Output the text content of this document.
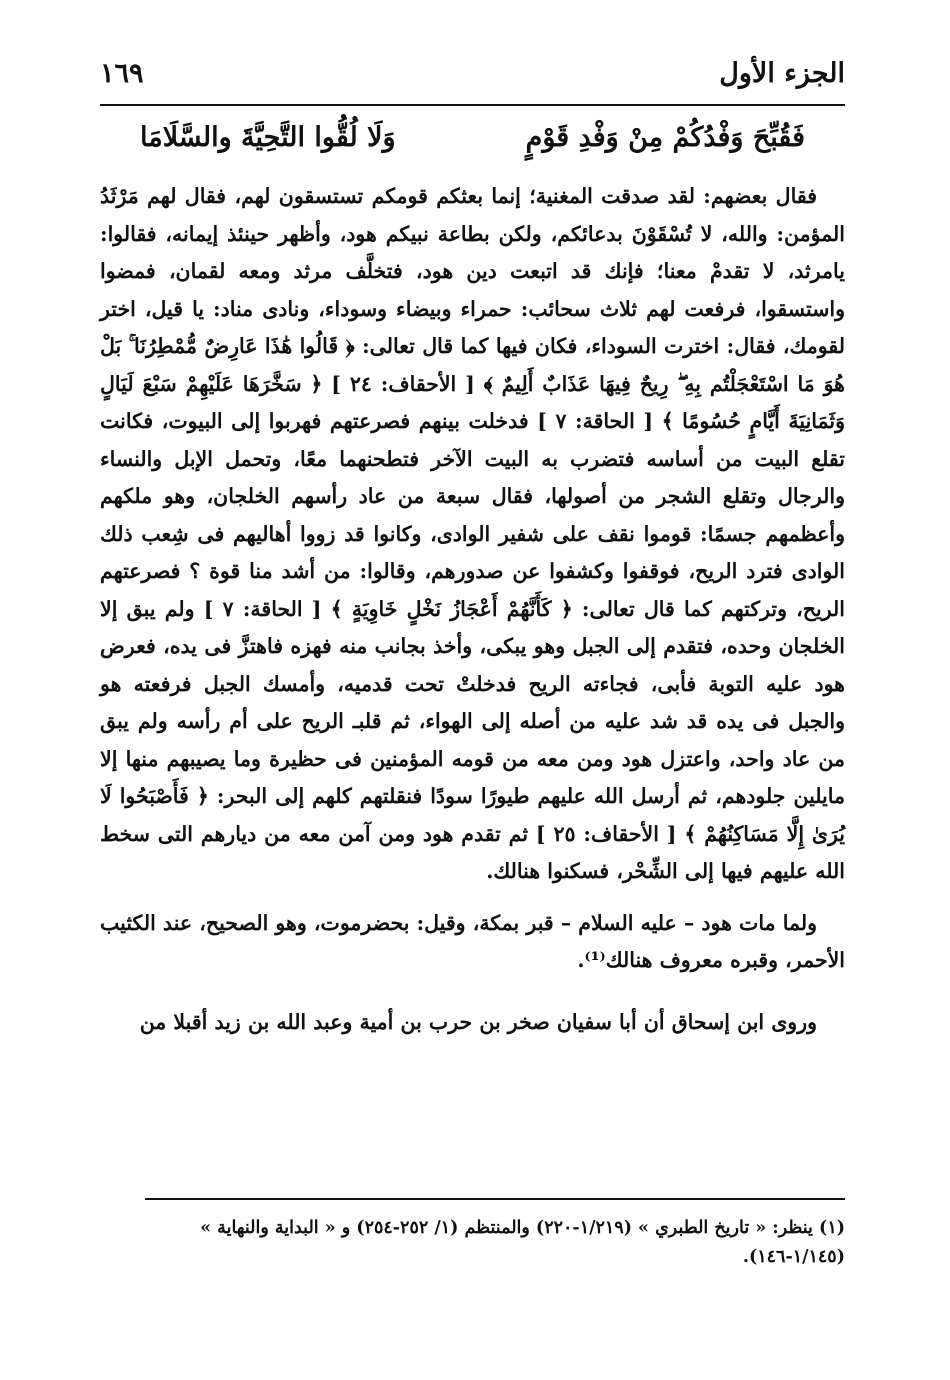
الجزء الأول
١٦٩
فَقُبِّحَ وَفْدُكُمْ مِنْ وَفْدِ قَوْمٍ
وَلَا لُقُّوا التَّحِيَّةَ والسَّلَامَا

فقال بعضهم: لقد صدقت المغنية؛ إنما بعثكم قومكم تستسقون لهم، فقال لهم مَرْثَدُ المؤمن: والله، لا تُسْقَوْنَ بدعائكم، ولكن بطاعة نبيكم هود، وأظهر حينئذ إيمانه، فقالوا: يامرثد، لا تقدمْ معنا؛ فإنك قد اتبعت دين هود، فتخلَّف مرثد ومعه لقمان، فمضوا واستسقوا، فرفعت لهم ثلاث سحائب: حمراء وبيضاء وسوداء، ونادى مناد: يا قيل، اختر لقومك، فقال: اخترت السوداء، فكان فيها كما قال تعالى: ﴿ قَالُوا هَٰذَا عَارِضٌ مُّمْطِرُنَا ۚ بَلْ هُوَ مَا اسْتَعْجَلْتُم بِهِ ۖ رِيحٌ فِيهَا عَذَابٌ أَلِيمٌ ﴾ [ الأحقاف: ٢٤ ] ﴿ سَخَّرَهَا عَلَيْهِمْ سَبْعَ لَيَالٍ وَثَمَانِيَةَ أَيَّامٍ حُسُومًا ﴾ [ الحاقة: ٧ ] فدخلت بينهم فصرعتهم فهربوا إلى البيوت، فكانت تقلع البيت من أساسه فتضرب به البيت الآخر فتطحنهما معًا، وتحمل الإبل والنساء والرجال وتقلع الشجر من أصولها، فقال سبعة من عاد رأسهم الخلجان، وهو ملكهم وأعظمهم جسمًا: قوموا نقف على شفير الوادى، وكانوا قد زووا أهاليهم فى شِعب ذلك الوادى فترد الريح، فوقفوا وكشفوا عن صدورهم، وقالوا: من أشد منا قوة ؟ فصرعتهم الريح، وتركتهم كما قال تعالى: ﴿ كَأَنَّهُمْ أَعْجَازُ نَخْلٍ خَاوِيَةٍ ﴾ [ الحاقة: ٧ ] ولم يبق إلا الخلجان وحده، فتقدم إلى الجبل وهو يبكى، وأخذ بجانب منه فهزه فاهتزَّ فى يده، فعرض هود عليه التوبة فأبى، فجاءته الريح فدخلتْ تحت قدميه، وأمسك الجبل فرفعته هو والجبل فى يده قد شد عليه من أصله إلى الهواء، ثم قلبـ الريح على أم رأسه ولم يبق من عاد واحد، واعتزل هود ومن معه من قومه المؤمنين فى حظيرة وما يصيبهم منها إلا مايلين جلودهم، ثم أرسل الله عليهم طيورًا سودًا فنقلتهم كلهم إلى البحر: ﴿ فَأَصْبَحُوا لَا يُرَىٰ إِلَّا مَسَاكِنُهُمْ ﴾ [ الأحقاف: ٢٥ ] ثم تقدم هود ومن آمن معه من ديارهم التى سخط الله عليهم فيها إلى الشِّحْر، فسكنوا هنالك.

ولما مات هود – عليه السلام – قبر بمكة، وقيل: بحضرموت، وهو الصحيح، عند الكثيب الأحمر، وقبره معروف هنالك⁽¹⁾.

وروى ابن إسحاق أن أبا سفيان صخر بن حرب بن أمية وعبد الله بن زيد أقبلا من

(١) ينظر: « تاريخ الطبري » (١/٢١٩-٢٢٠) والمنتظم (١/ ٢٥٢-٢٥٤) و « البداية والنهاية » (١/١٤٥-١٤٦).
